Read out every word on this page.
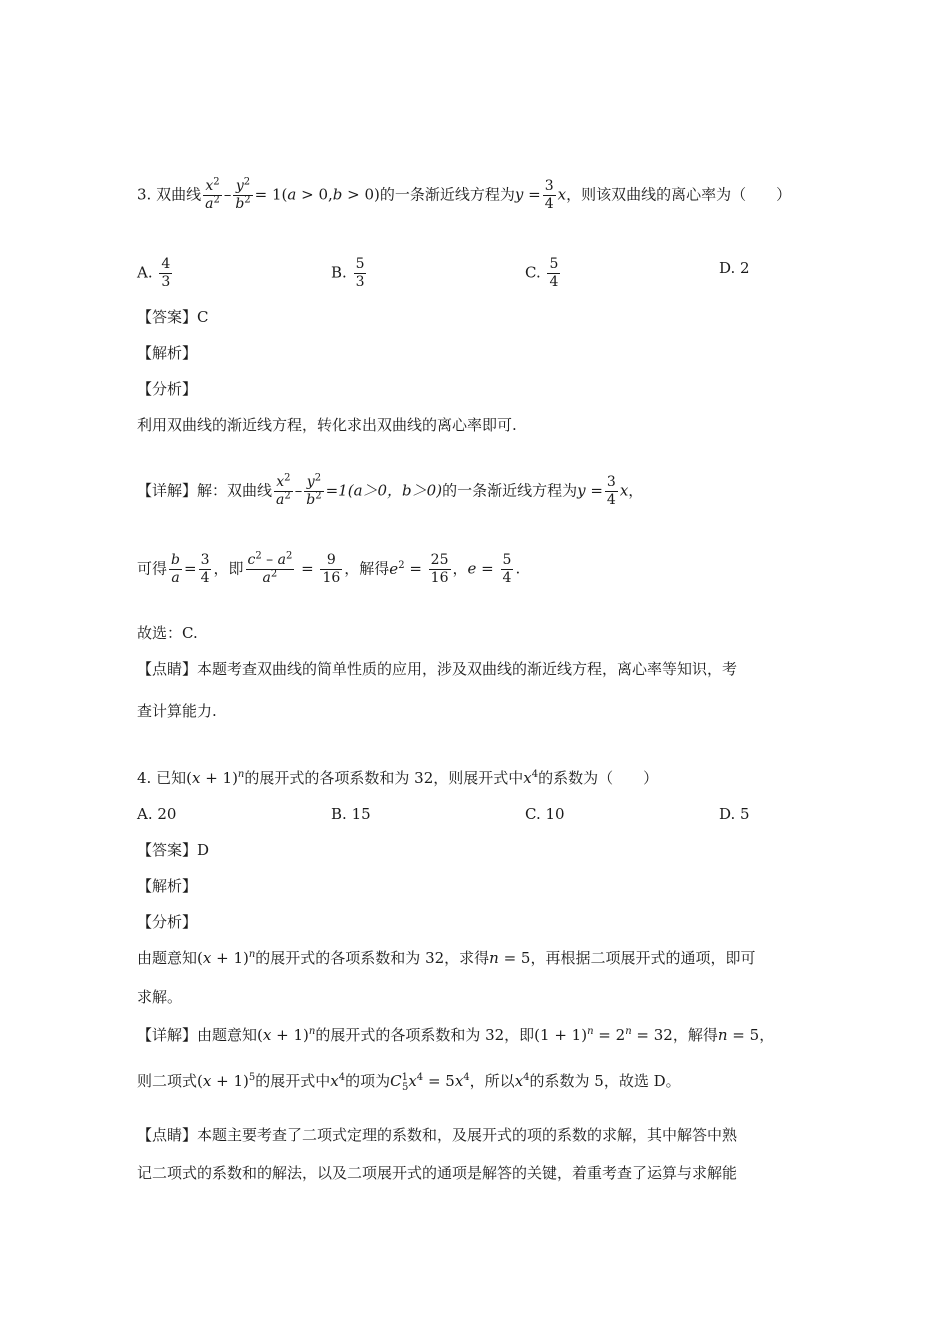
3. 双曲线 $\frac{x^2}{a^2} - \frac{y^2}{b^2} = 1(a > 0,b > 0)$的一条渐近线方程为$y = \frac{3}{4}$ x，则该双曲线的离心率为（　　）
A. $\frac{4}{3}$	B. $\frac{5}{3}$	C. $\frac{5}{4}$	D. 2
【答案】C
【解析】
【分析】
利用双曲线的渐近线方程，转化求出双曲线的离心率即可.
【详解】解：双曲线 $\frac{x^2}{a^2} - \frac{y^2}{b^2} =1(a>0$，b＞0)的一条渐近线方程为$y = \frac{3}{4}$ x，
可得 $\frac{b}{a} = \frac{3}{4}$ ，即 $\frac{c^2 - a^2}{a^2} = \frac{9}{16}$ ，解得$e^2 = \frac{25}{16}$ ，$e = \frac{5}{4}$ .
故选：C.
【点睛】本题考查双曲线的简单性质的应用，涉及双曲线的渐近线方程，离心率等知识，考
查计算能力.
4. 已知$(x + 1)^n$的展开式的各项系数和为 32，则展开式中$x^4$的系数为（　　）
A. 20	B. 15	C. 10	D. 5
【答案】D
【解析】
【分析】
由题意知$(x + 1)^n$的展开式的各项系数和为 32，求得n = 5，再根据二项展开式的通项，即可
求解。
【详解】由题意知$(x + 1)^n$的展开式的各项系数和为 32，即$(1 + 1)^n = 2^n = 32$，解得n = 5，
则二项式$(x + 1)^5$的展开式中$x^4$的项为$C^1_5x^4 = 5x^4$，所以$x^4$的系数为 5，故选 D。
【点睛】本题主要考查了二项式定理的系数和，及展开式的项的系数的求解，其中解答中熟
记二项式的系数和的解法，以及二项展开式的通项是解答的关键，着重考查了运算与求解能
